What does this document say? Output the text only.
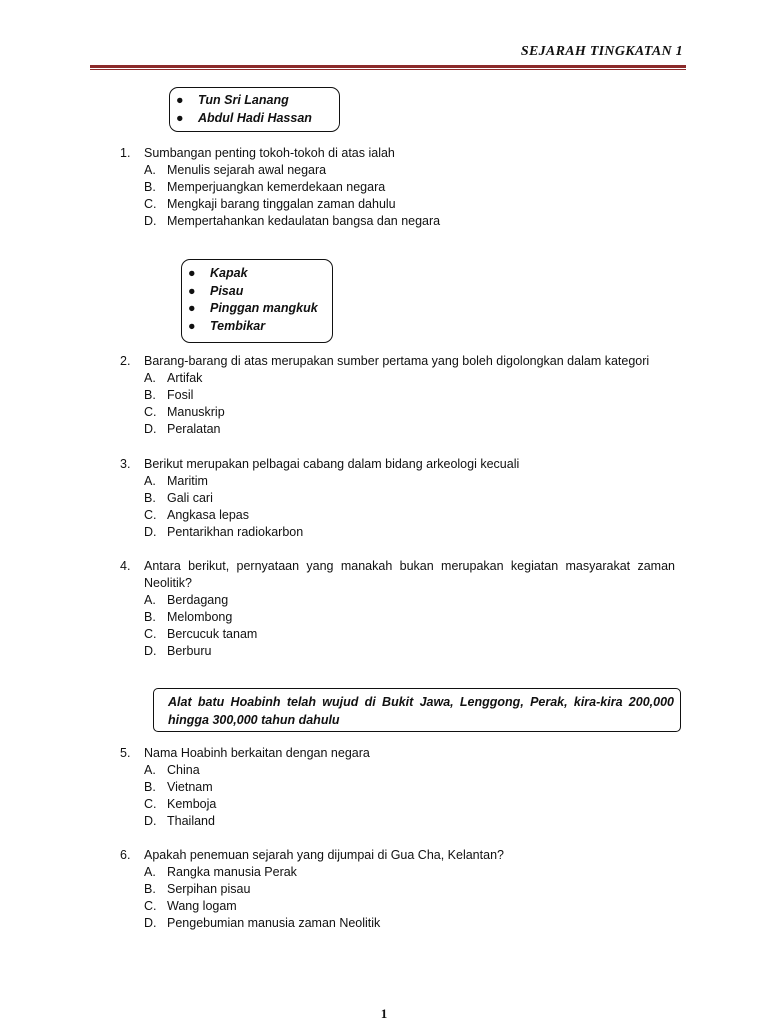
SEJARAH TINGKATAN 1
● Tun Sri Lanang
● Abdul Hadi Hassan
1. Sumbangan penting tokoh-tokoh di atas ialah
A. Menulis sejarah awal negara
B. Memperjuangkan kemerdekaan negara
C. Mengkaji barang tinggalan zaman dahulu
D. Mempertahankan kedaulatan bangsa dan negara
● Kapak
● Pisau
● Pinggan mangkuk
● Tembikar
2. Barang-barang di atas merupakan sumber pertama yang boleh digolongkan dalam kategori
A. Artifak
B. Fosil
C. Manuskrip
D. Peralatan
3. Berikut merupakan pelbagai cabang dalam bidang arkeologi kecuali
A. Maritim
B. Gali cari
C. Angkasa lepas
D. Pentarikhan radiokarbon
4. Antara berikut, pernyataan yang manakah bukan merupakan kegiatan masyarakat zaman Neolitik?
A. Berdagang
B. Melombong
C. Bercucuk tanam
D. Berburu
Alat batu Hoabinh telah wujud di Bukit Jawa, Lenggong, Perak, kira-kira 200,000 hingga 300,000 tahun dahulu
5. Nama Hoabinh berkaitan dengan negara
A. China
B. Vietnam
C. Kemboja
D. Thailand
6. Apakah penemuan sejarah yang dijumpai di Gua Cha, Kelantan?
A. Rangka manusia Perak
B. Serpihan pisau
C. Wang logam
D. Pengebumian manusia zaman Neolitik
1
